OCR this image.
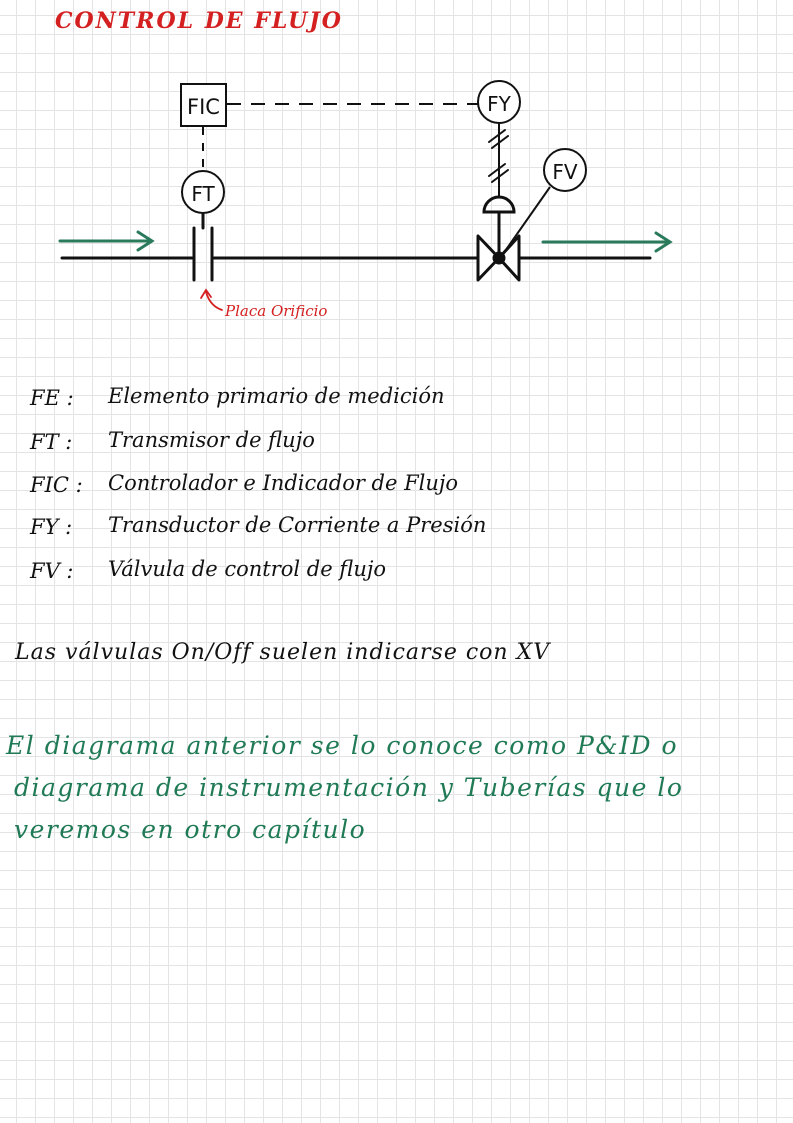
CONTROL DE FLUJO
Placa Orificio
FIC
FT
FY
FV
FE : Elemento primario de medición
FT : Transmisor de flujo
FIC : Controlador e Indicador de Flujo
FY : Transductor de Corriente a Presión
FV : Válvula de control de flujo
Las válvulas On/Off suelen indicarse con XV
El diagrama anterior se lo conoce como P&ID o
diagrama de instrumentación y Tuberías que lo
veremos en otro capítulo
